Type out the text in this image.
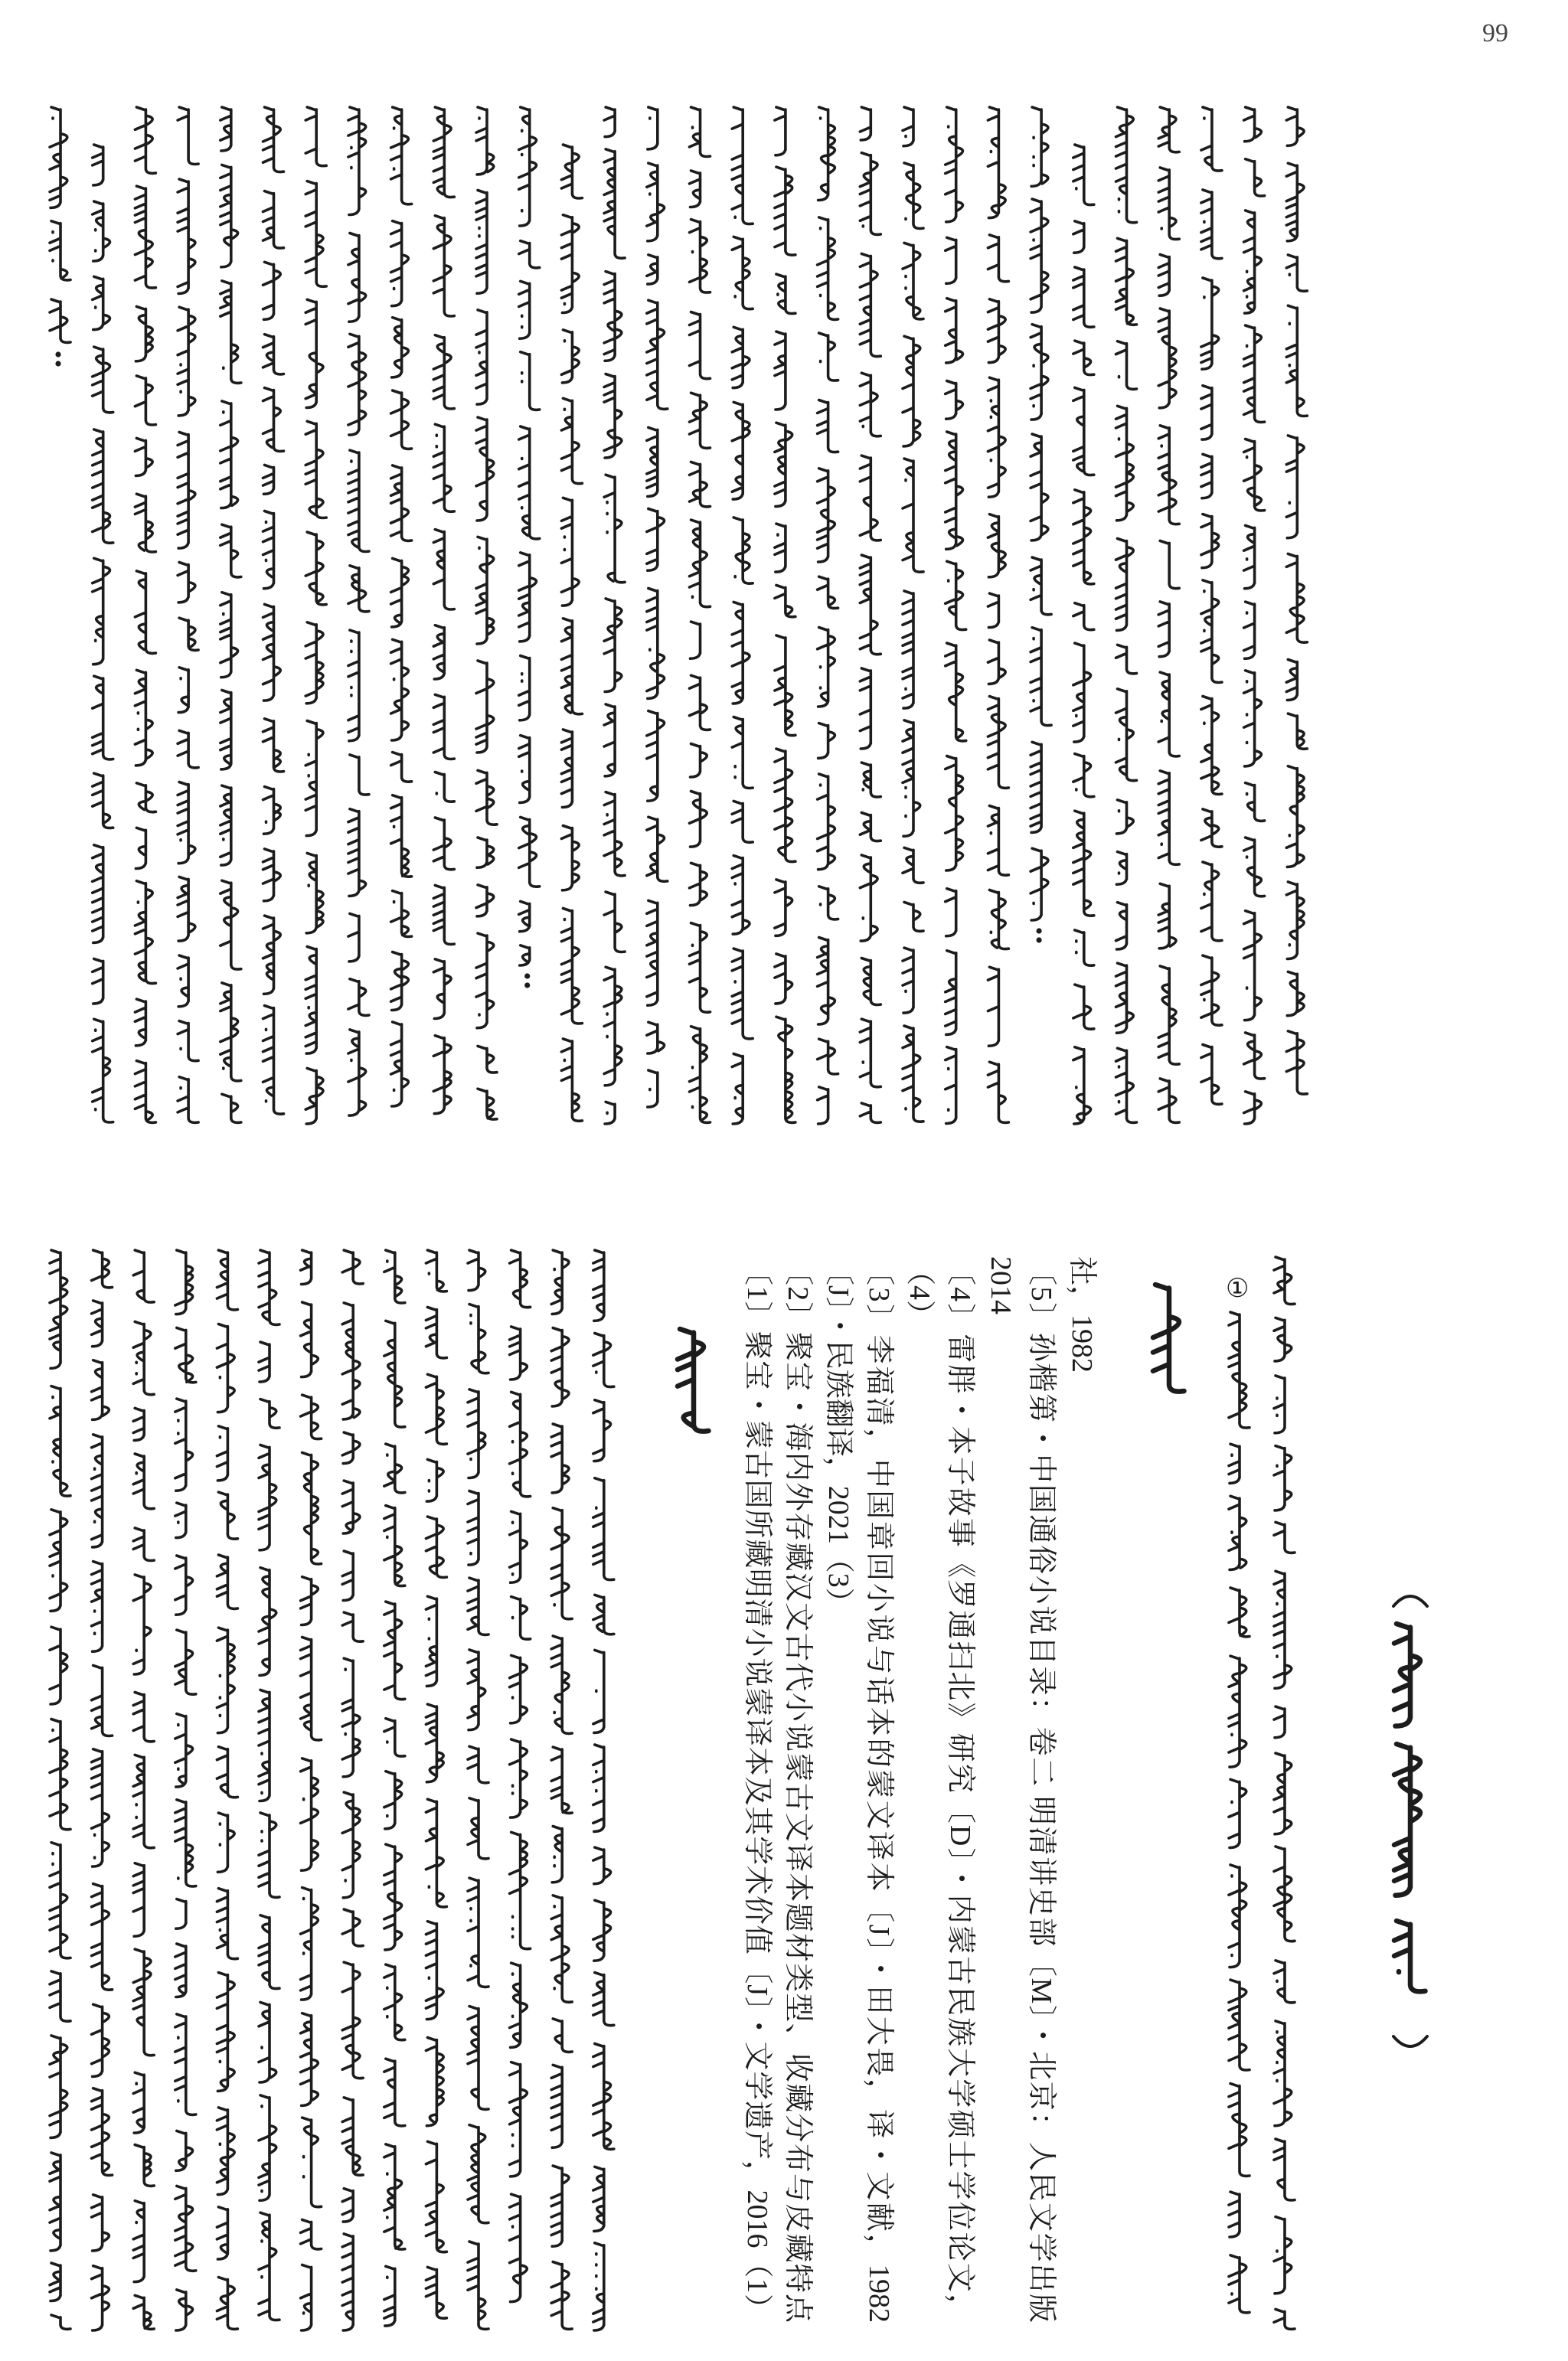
99
〔1〕聚宝・蒙古国所藏明清小说蒙译本及其学术价值〔J〕・文学遗产，2016（1） 〔2〕聚宝・海内外存藏汉文古代小说蒙古文译本题材类型、收藏分布与皮藏特点 〔J〕・民族翻译，2021（3） 〔3〕李福清，中国章回小说与话本的蒙文译本〔J〕・田大畏，译・文献，1982 （4） 〔4〕雷胖・本子故事《罗通扫北》研究〔D〕・内蒙古民族大学硕士学位论文， 2014 〔5〕孙楷第・中国通俗小说目录：卷二 明清讲史部〔M〕・北京：人民文学出版 社，1982	①
